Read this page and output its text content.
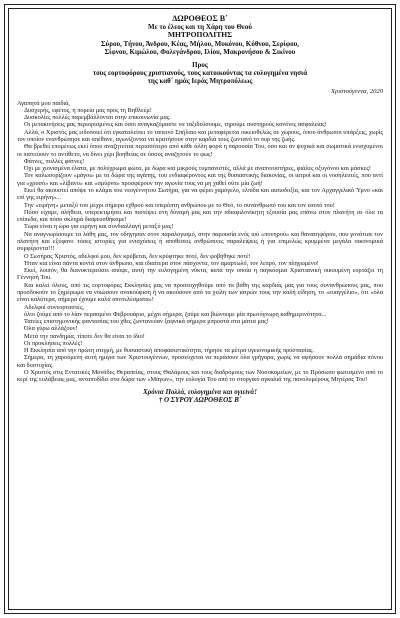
ΔΩΡΟΘΕΟΣ Β΄
Με το έλεος και τη Χάρη του Θεού
ΜΗΤΡΟΠΟΛΙΤΗΣ
Σύρου, Τήνου, Άνδρου, Κέας, Μήλου, Μυκόνου, Κύθνου, Σερίφου,
Σίφνου, Κιμώλου, Φολεγάνδρου, Ιλίου, Μακρονήσου & Σικίνου
Προς
τους εορτοφόρους χριστιανούς, τους κατοικούντας τα ευλογημένα νησιά
της καθ΄ ημάς Ιεράς Μητροπόλεως
Χριστούγεννα, 2020

Αγαπητά μου παιδιά,

Δυσχερής, εφέτος, η πορεία μας προς τη Βηθλεέμ!

Δυσκολίες πολλές παρεμβάλλονται στην επικοινωνία μας.

Οι μετακινήσεις μας περιορισμένες και όσοι αναγκαζόμαστε να ταξιδεύσουμε, τηρούμε αυστηρούς κανόνες ασφαλείας!

Αλλά, ο Χριστός μας ειδοποιεί ότι εγκαταλείπει το ταπεινό Σπήλαιο και μεταφέρεται οικειοθελώς σε χώρους, όπου άνθρωποι υπάρξεις, χωρίς τον οποίον ενανθρώπησε και απέθανε, αγωνίζονται να κρατήσουν στην καρδιά τους ζωντανό το πυρ της ζωής.

Θα βρεθεί επομένως εκεί όπου αναζητείται περισσότερο από κάθε άλλη φορά η παρουσία Του, όσο και αν ψυχικά και σωματικά ενισχυμένοι οι πιστεύουν το αντίθετο, να δίνει χέρι βοηθείας σε όσους αναζητούν το φως!

Φάτνες, πολλές φάτνες!

Όχι με χιονισμένα έλατα, με πολύχρωμα φώτα, με δώρα και μικρούς τυμπανιστές, αλλά με αναπνευστήρες, φιάλες οξυγόνου και μάσκες!

Τον καλωσορίζουν «μάγοι» με τα δώρα της αγάπης, του ενδιαφέροντος και της θυσιαστικής διακονίας, οι ιατροί και οι νοσηλευτές, που αντί για «χρυσό» και «λίβανο» και «σμύρνα» προσφέρουν την αγωνία τους να μη χαθεί ούτε μία ζωή!

Εκεί θα ακουστεί απόψε το κλάμα του νεογέννητου Σωτήρα, για να φέρει χαμόγελο, ελπίδα και αισιοδοξία, και τον Αρχαγγελικό Ύμνο «και επί γης ειρήνη»...

Την «ειρήνη» μεταξύ του μέχρι σήμερα εχθρού και υπερόπτη ανθρώπου με το Θεό, το συνάνθρωπό του και τον εαυτό του!

Πόσο είχαμε, αλήθεια, υπερεκτιμήσει και πιστέψει στη δύναμή μας και την αδιαφιλονίκητη εξουσία μας επάνω στον πλανήτη σε όλα τα επίπεδα, και πόσο σκληρά διαψευσθήκαμε!

Τώρα είναι η ώρα για ειρήνη και συνδιαλλαγή μεταξύ μας!

Να αναγνωρίσουμε τα λάθη μας, τον οδηγησαν στον παραλογισμό, στην παρουσία ενός ιού «πονηρού» και θανατηφόρου, που γονάτισε τον πλανήτη και εξύφανε τόσες ιστορίες για ενισχύσεις ή αποθέσεις ανθρώπινες παραλείψεις ή για επιμελώς κρυμμένα μεγάλα οικονομικά συμφέροντα!!!

Ο Σωτήρας Χριστός, αδελφοί μου, δεν κρύβεται, δεν κρύφτηκε ποτέ, δεν φοβήθηκε ποτέ!

Ήταν και είναι πάντα κοντά στον άνθρωπο, και ιδιαίτερα στον πάσχοντα, τον αμαρτωλό, τον λεπρό, τον πληγωμένο!

Εκεί, λοιπόν, θα διανυκτερεύσει απόψε, αυτή την ευλογημένη νύκτα, κατά την οποία η παγκόσμια Χριστιανική οικουμένη εορτάζει τη Γέννησή Του.

Και καλεί όλους, από τις εορτοφόρες Εκκλησίες μας να προσευχηθούμε από τα βάθη της καρδιάς μας για τους συνανθρώπους μας, που προσδοκούν το ξημέρωμα να νοιώσουν ανακούφιση ή να ακούσουν από τα χείλη των ιατρών τους την καλή είδηση, το «ευαγγέλιο», ότι «όλα είναι καλύτερα, σήμερα έχουμε καλά αποτελέσματα»!

Αδελφοί συνεορταστές,

όλοι ζούμε από το λίαν περασμένο Φεβρουάριο, μέχρι σήμερα, ζούμε και βιώνουμε μία πρωτόγνωρη καθημερινότητα...

Ταινίες επιστημονικής φαντασίας του χθες ζωντανεύαν ξαφνικά σήμερα μπροστά στα μάτια μας!

Όλα γύρω αλλάζουν!

Μετά την πανδημία, τίποτε δεν θα είναι το ίδιο!

Οι προκλήσεις πολλές!

Η Εκκλησία από την πρώτη στιγμή, με θυσιαστική αποφασιστικότητα, τήρησε τα μέτρα υγειονομικής προστασίας.

Σήμερα, τη χαρούμενη αυτή ημέρα των Χριστουγέννων, προσεύχεται να περάσουν όλα γρήγορα, χωρίς να αφήσουν πολλά σημάδια πόνου και δυστυχίας.

Ο Χριστός στις Εντατικές Μονάδες Θεραπείας, στους Θαλάμους και τους διαδρόμους των Νοσοκομείων, με το Πρόσωπο φωτισμένο από το κερί της ευλάβειας μας, ανταποδίδει στα δώρα των «Μάγων», την ευλογία Του από το στοργικό αγκαλιά της πανολυμέρους Μητέρας Του!

Χρόνια Πολλά, ευλογημένα και υγιεινά!
† Ο ΣΥΡΟΥ ΔΩΡΟΘΕΟΣ Β΄
